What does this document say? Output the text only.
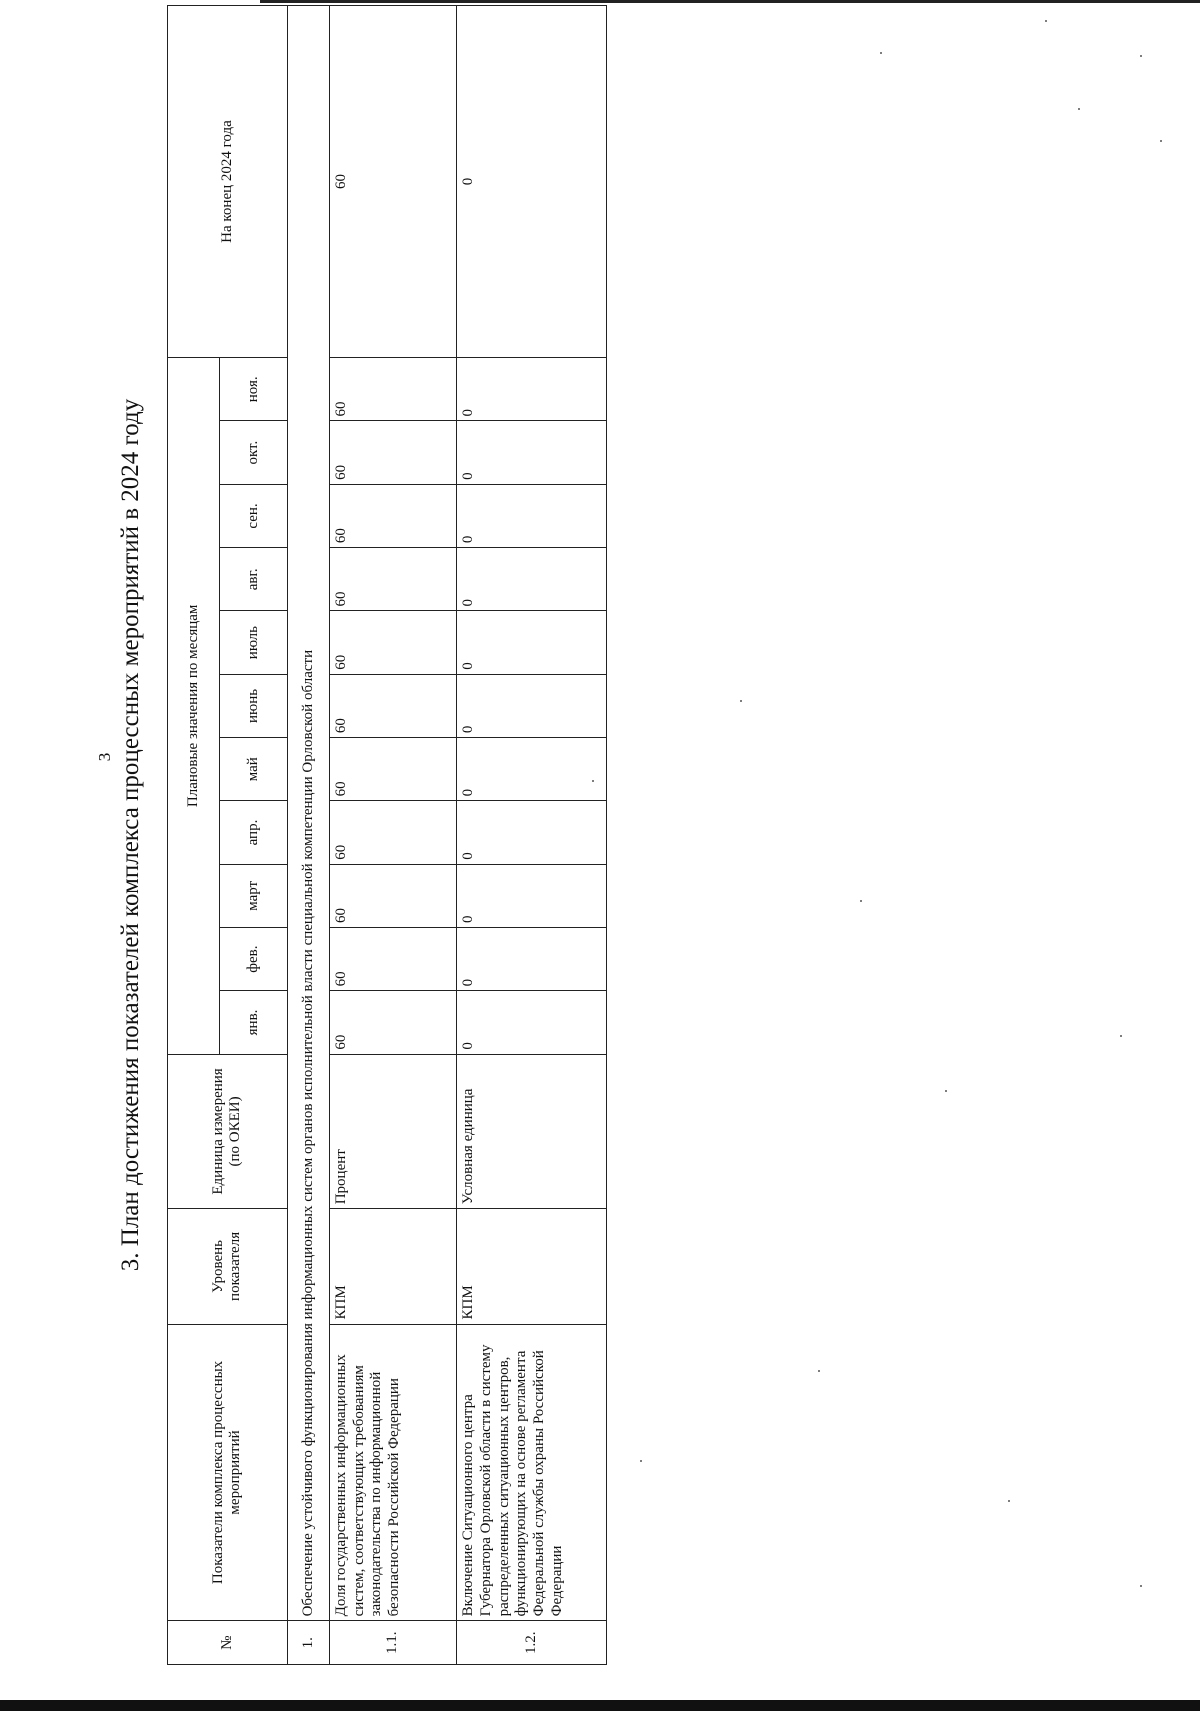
3 3. План достижения показателей комплекса процессных мероприятий в 2024 году
№	Показатели комплекса процессных мероприятий	Уровень показателя	Единица измерения (по ОКЕИ)	Плановые значения по месяцам											На конец 2024 года
				янв.	фев.	март	апр.	май	июнь	июль	авг.	сен.	окт.	ноя.	
1.	Обеспечение устойчивого функционирования информационных систем органов исполнительной власти специальной компетенции Орловской области														
1.1.	Доля государственных информационных систем, соответствующих требованиям законодательства по информационной безопасности Российской Федерации	КПМ	Процент	60	60	60	60	60	60	60	60	60	60	60	60
1.2.	Включение Ситуационного центра Губернатора Орловской области в систему распределенных ситуационных центров, функционирующих на основе регламента Федеральной службы охраны Российской Федерации	КПМ	Условная единица	0	0	0	0	0	0	0	0	0	0	0	0
